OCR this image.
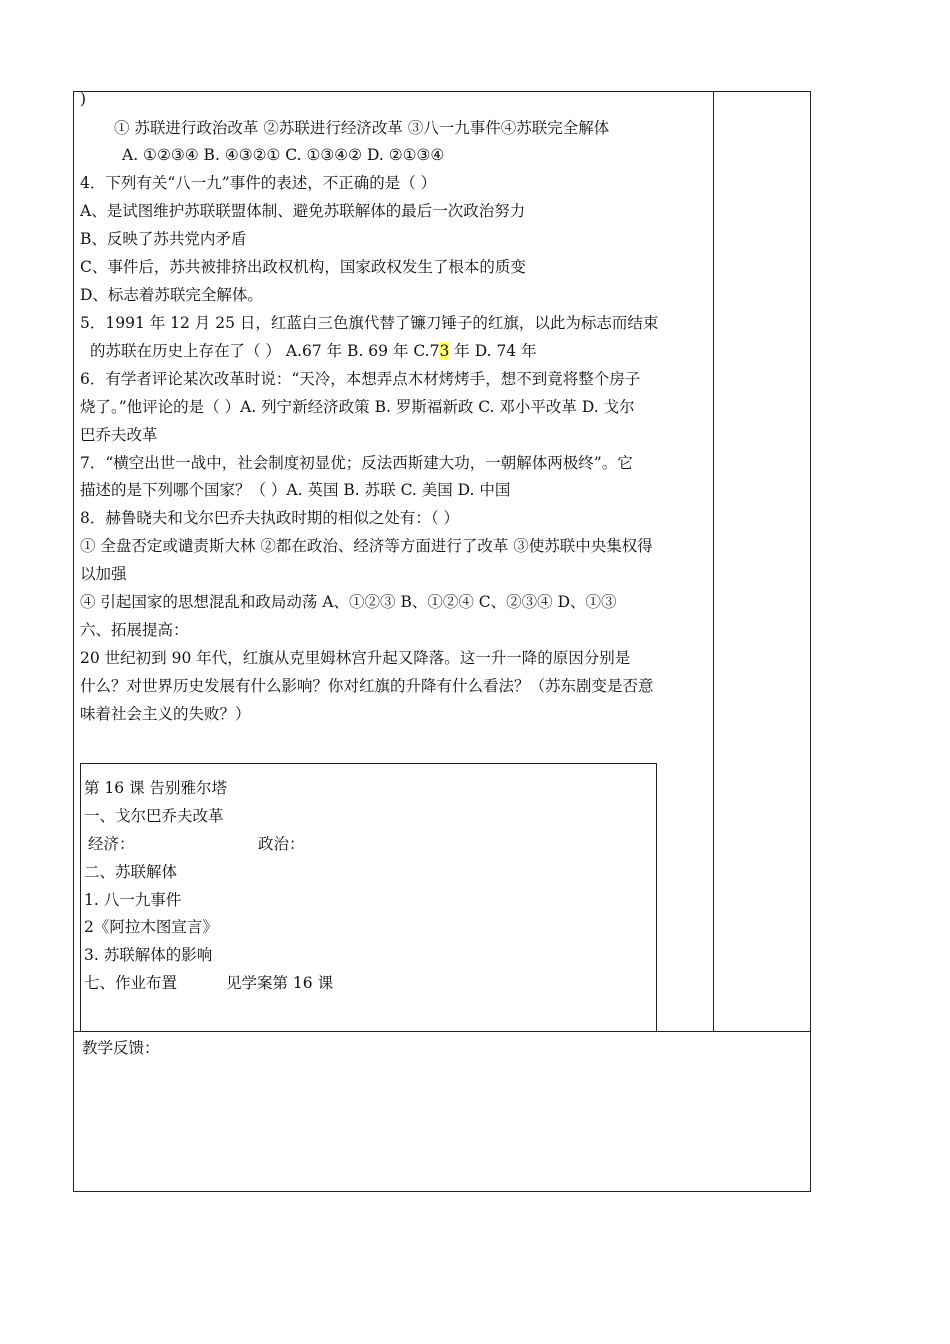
)
① 苏联进行政治改革 ②苏联进行经济改革 ③八一九事件④苏联完全解体
A. ①②③④ B. ④③②① C. ①③④② D. ②①③④
4．下列有关“八一九”事件的表述，不正确的是（ ）
A、是试图维护苏联联盟体制、避免苏联解体的最后一次政治努力
B、反映了苏共党内矛盾
C、事件后，苏共被排挤出政权机构，国家政权发生了根本的质变
D、标志着苏联完全解体。
5．1991 年 12 月 25 日，红蓝白三色旗代替了镰刀锤子的红旗，以此为标志而结束
的苏联在历史上存在了（ ） A.67 年 B. 69 年 C.73 年 D. 74 年
6．有学者评论某次改革时说：“天冷，本想弄点木材烤烤手，想不到竟将整个房子
烧了。”他评论的是（ ）A. 列宁新经济政策 B. 罗斯福新政 C. 邓小平改革 D. 戈尔
巴乔夫改革
7．“横空出世一战中，社会制度初显优；反法西斯建大功，一朝解体两极终”。它
描述的是下列哪个国家？（ ）A. 英国 B. 苏联 C. 美国 D. 中国
8．赫鲁晓夫和戈尔巴乔夫执政时期的相似之处有：（ ）
① 全盘否定或谴责斯大林 ②都在政治、经济等方面进行了改革 ③使苏联中央集权得
以加强
④ 引起国家的思想混乱和政局动荡 A、①②③ B、①②④ C、②③④ D、①③
六、拓展提高：
20 世纪初到 90 年代，红旗从克里姆林宫升起又降落。这一升一降的原因分别是
什么？对世界历史发展有什么影响？你对红旗的升降有什么看法？（苏东剧变是否意
味着社会主义的失败？）
第 16 课 告别雅尔塔
一、戈尔巴乔夫改革
经济：	政治：
二、苏联解体
1. 八一九事件
2《阿拉木图宣言》
3. 苏联解体的影响
七、作业布置	见学案第 16 课
教学反馈：
